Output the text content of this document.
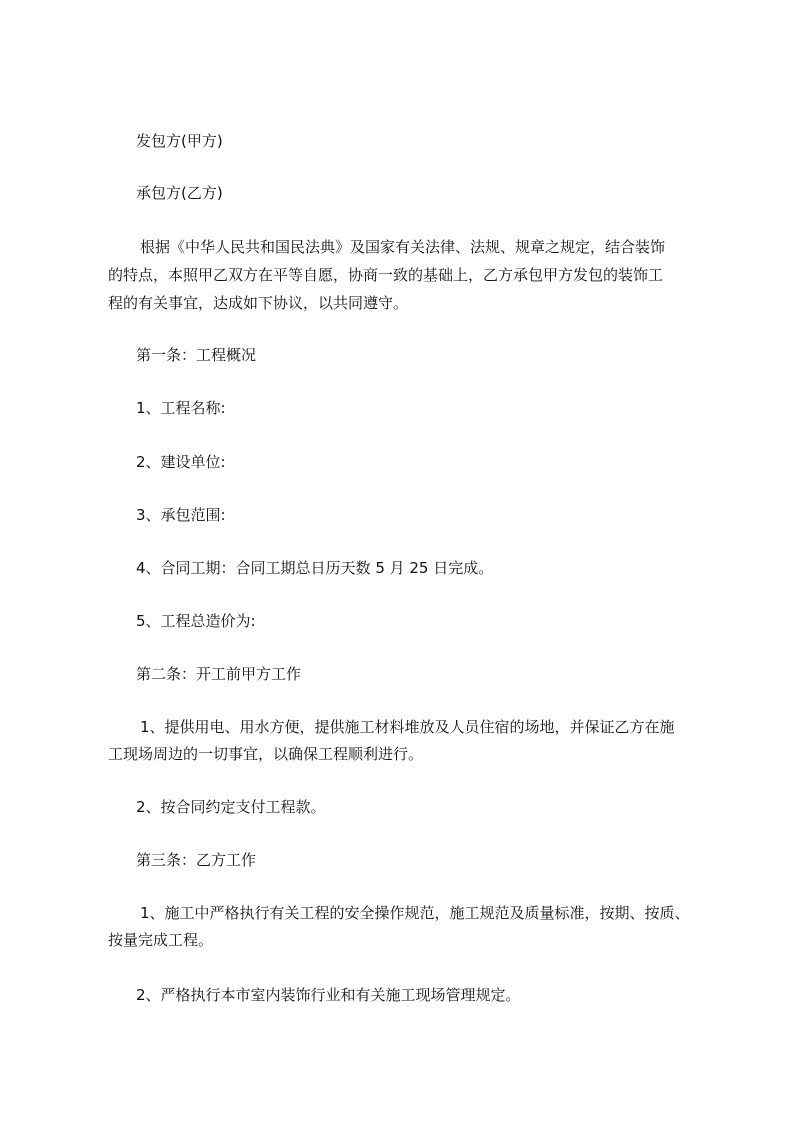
发包方(甲方)

承包方(乙方)

根据《中华人民共和国民法典》及国家有关法律、法规、规章之规定，结合装饰

的特点，本照甲乙双方在平等自愿，协商一致的基础上，乙方承包甲方发包的装饰工

程的有关事宜，达成如下协议，以共同遵守。

第一条：工程概况

1、工程名称:

2、建设单位:

3、承包范围:

4、合同工期：合同工期总日历天数 5 月 25 日完成。

5、工程总造价为:

第二条：开工前甲方工作

1、提供用电、用水方便，提供施工材料堆放及人员住宿的场地，并保证乙方在施

工现场周边的一切事宜，以确保工程顺利进行。

2、按合同约定支付工程款。

第三条：乙方工作

1、施工中严格执行有关工程的安全操作规范，施工规范及质量标准，按期、按质、

按量完成工程。

2、严格执行本市室内装饰行业和有关施工现场管理规定。
